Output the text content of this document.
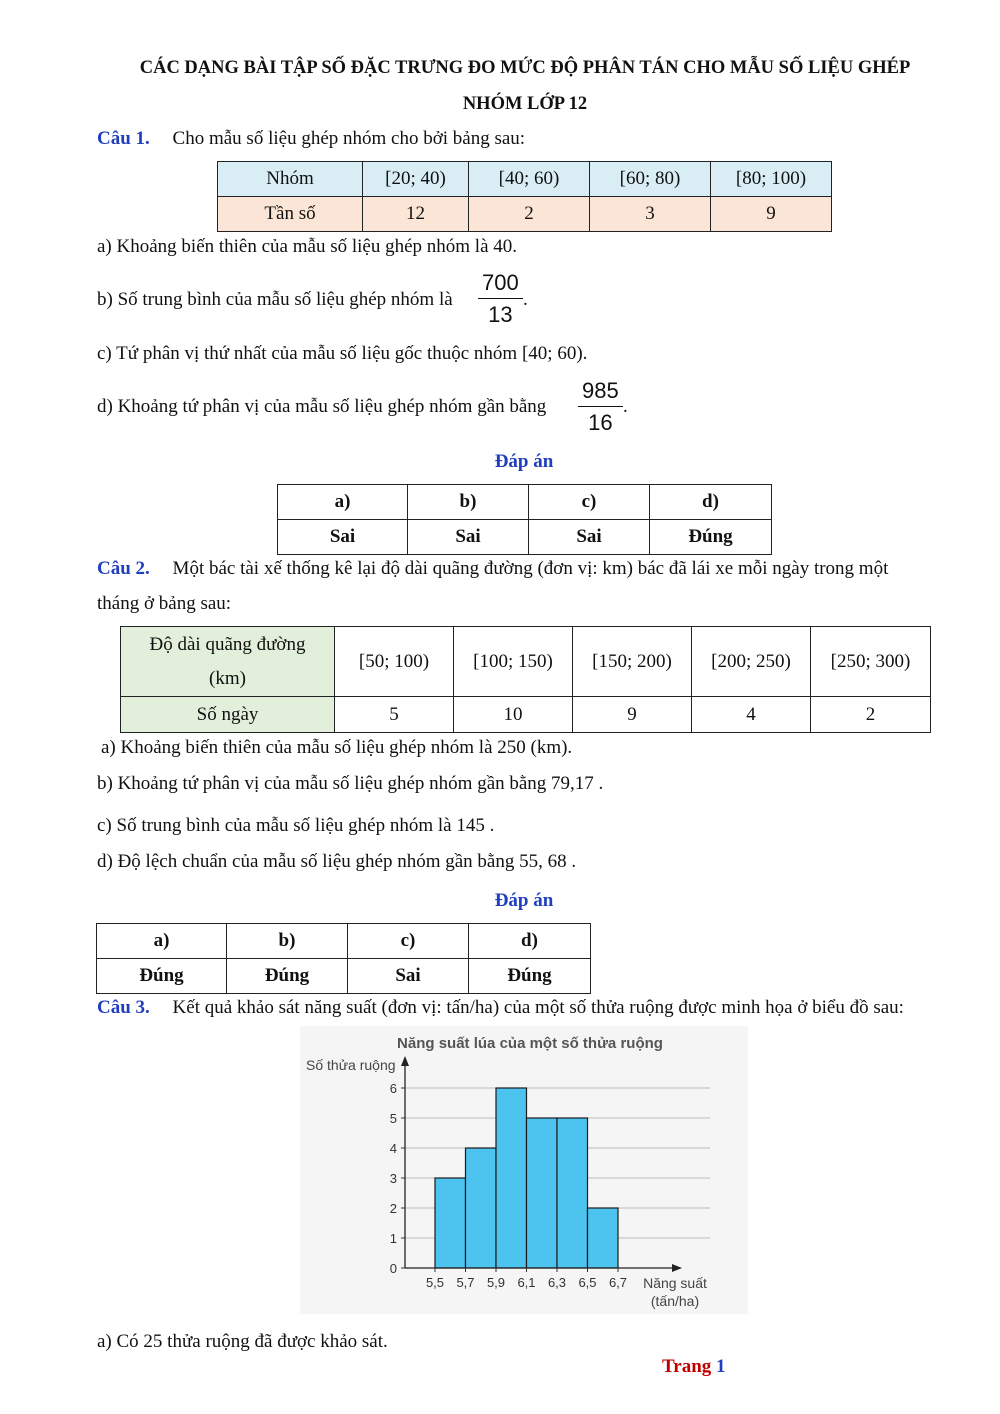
CÁC DẠNG BÀI TẬP SỐ ĐẶC TRƯNG ĐO MỨC ĐỘ PHÂN TÁN CHO MẪU SỐ LIỆU GHÉP
NHÓM LỚP 12
Câu 1. Cho mẫu số liệu ghép nhóm cho bởi bảng sau:
Nhóm	[20; 40)	[40; 60)	[60; 80)	[80; 100)
Tần số	12	2	3	9
a) Khoảng biến thiên của mẫu số liệu ghép nhóm là 40.
b) Số trung bình của mẫu số liệu ghép nhóm là $\frac{700}{13}$ .
c) Tứ phân vị thứ nhất của mẫu số liệu gốc thuộc nhóm [40; 60).
d) Khoảng tứ phân vị của mẫu số liệu ghép nhóm gần bằng $\frac{985}{16}$ .
Đáp án
a)	b)	c)	d)
Sai	Sai	Sai	Đúng
Câu 2. Một bác tài xế thống kê lại độ dài quãng đường (đơn vị: km) bác đã lái xe mỗi ngày trong một
tháng ở bảng sau:
Độ dài quãng đường
(km)	[50; 100)	[100; 150)	[150; 200)	[200; 250)	[250; 300)
Số ngày	5	10	9	4	2
a) Khoảng biến thiên của mẫu số liệu ghép nhóm là 250 (km).
b) Khoảng tứ phân vị của mẫu số liệu ghép nhóm gần bằng 79,17 .
c) Số trung bình của mẫu số liệu ghép nhóm là 145 .
d) Độ lệch chuẩn của mẫu số liệu ghép nhóm gần bằng 55, 68 .
Đáp án
a)	b)	c)	d)
Đúng	Đúng	Sai	Đúng
Câu 3. Kết quả khảo sát năng suất (đơn vị: tấn/ha) của một số thửa ruộng được minh họa ở biểu đồ sau:
Năng suất lúa của một số thửa ruộng
Số thửa ruộng
0
1
2
3
4
5
6
5,5 5,7 5,9 6,1 6,3 6,5 6,7 Năng suất
(tấn/ha)
a) Có 25 thửa ruộng đã được khảo sát.
Trang 1
